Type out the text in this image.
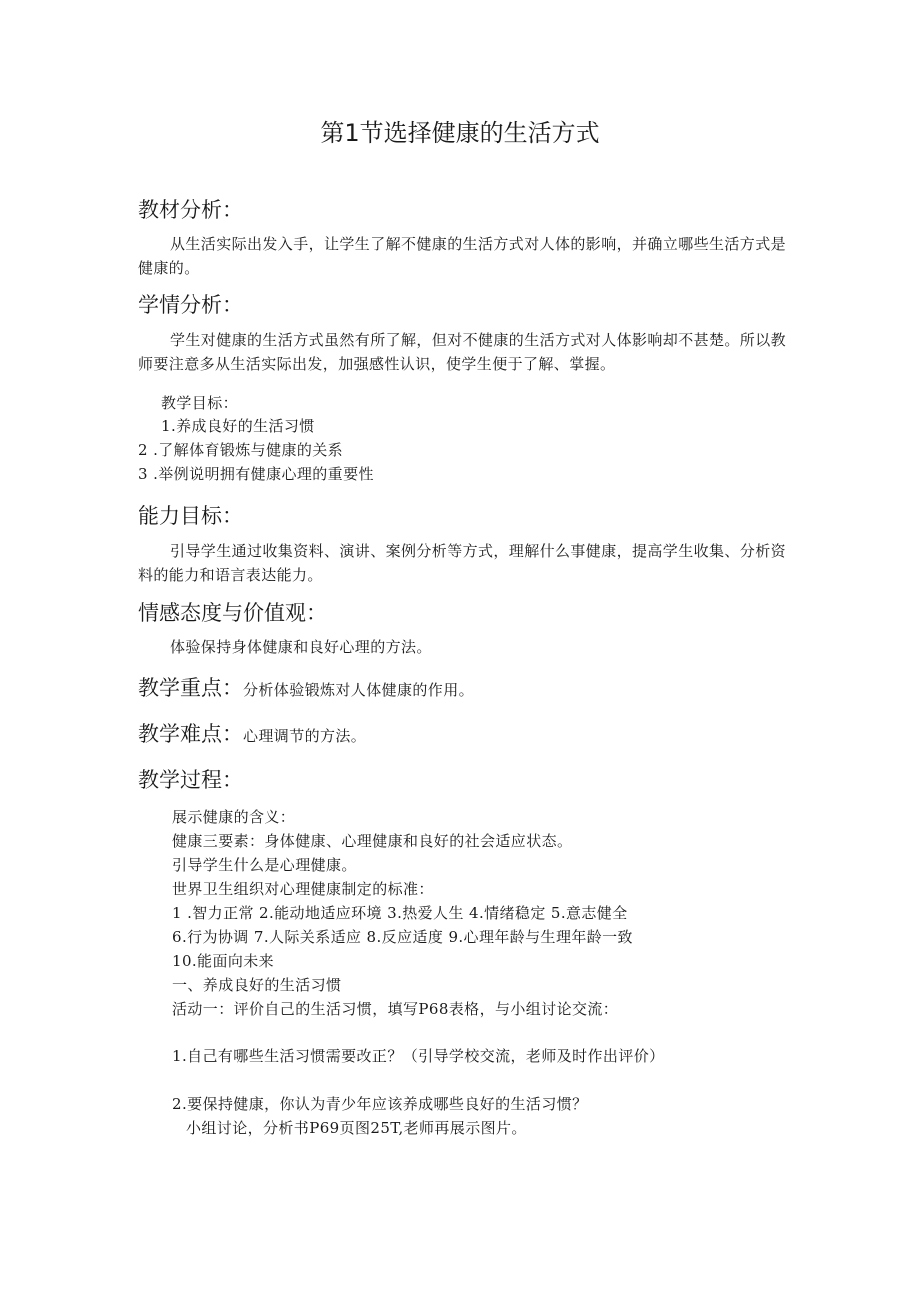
第1节选择健康的生活方式
教材分析：
从生活实际出发入手，让学生了解不健康的生活方式对人体的影响，并确立哪些生活方式是健康的。
学情分析：
学生对健康的生活方式虽然有所了解，但对不健康的生活方式对人体影响却不甚楚。所以教师要注意多从生活实际出发，加强感性认识，使学生便于了解、掌握。
教学目标：
1.养成良好的生活习惯
2 .了解体育锻炼与健康的关系
3 .举例说明拥有健康心理的重要性
能力目标：
引导学生通过收集资料、演讲、案例分析等方式，理解什么事健康，提高学生收集、分析资料的能力和语言表达能力。
情感态度与价值观：
体验保持身体健康和良好心理的方法。
教学重点：分析体验锻炼对人体健康的作用。
教学难点：心理调节的方法。
教学过程：
展示健康的含义：
健康三要素：身体健康、心理健康和良好的社会适应状态。
引导学生什么是心理健康。
世界卫生组织对心理健康制定的标准：
1 .智力正常 2.能动地适应环境 3.热爱人生 4.情绪稳定 5.意志健全
6.行为协调 7.人际关系适应 8.反应适度 9.心理年龄与生理年龄一致
10.能面向未来
一、养成良好的生活习惯
活动一：评价自己的生活习惯，填写P68表格，与小组讨论交流：
1.自己有哪些生活习惯需要改正？（引导学校交流，老师及时作出评价）
2.要保持健康，你认为青少年应该养成哪些良好的生活习惯？
小组讨论，分析书P69页图25T,老师再展示图片。
